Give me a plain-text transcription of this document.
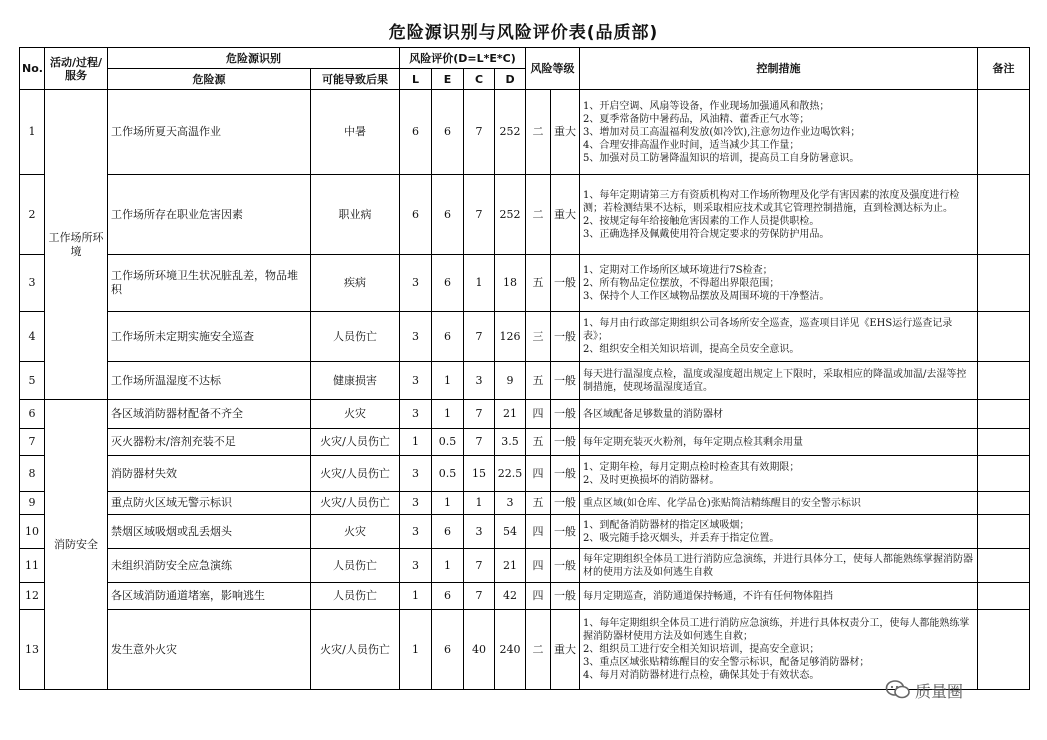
危险源识别与风险评价表(品质部)
No.	活动/过程/服务	危险源识别		风险评价(D=L*E*C)				风险等级		控制措施	备注
		危险源	可能导致后果	L	E	C	D				
1	工作场所环境	工作场所夏天高温作业	中暑	6	6	7	252	二	重大	1、开启空调、风扇等设备，作业现场加强通风和散热；
2、夏季常备防中暑药品，风油精、藿香正气水等；
3、增加对员工高温福利发放(如冷饮),注意勿边作业边喝饮料；
4、合理安排高温作业时间，适当减少其工作量；
5、加强对员工防暑降温知识的培训，提高员工自身防暑意识。	

2		工作场所存在职业危害因素	职业病	6	6	7	252	二	重大	1、每年定期请第三方有资质机构对工作场所物理及化学有害因素的浓度及强度进行检测；若检测结果不达标，则采取相应技术或其它管理控制措施，直到检测达标为止。
2、按规定每年给接触危害因素的工作人员提供职检。
3、正确选择及佩戴使用符合规定要求的劳保防护用品。	

3		工作场所环境卫生状况脏乱差，物品堆积	疾病	3	6	1	18	五	一般	1、定期对工作场所区域环境进行7S检查；
2、所有物品定位摆放，不得超出界限范围；
3、保持个人工作区域物品摆放及周围环境的干净整洁。	

4		工作场所未定期实施安全巡查	人员伤亡	3	6	7	126	三	一般	1、每月由行政部定期组织公司各场所安全巡查，巡查项目详见《EHS运行巡查记录表》；
2、组织安全相关知识培训，提高全员安全意识。	

5		工作场所温湿度不达标	健康损害	3	1	3	9	五	一般	每天进行温湿度点检，温度或湿度超出规定上下限时，采取相应的降温或加温/去湿等控制措施，使现场温湿度适宜。	

6	消防安全	各区域消防器材配备不齐全	火灾	3	1	7	21	四	一般	各区域配备足够数量的消防器材	

7		灭火器粉末/溶剂充装不足	火灾/人员伤亡	1	0.5	7	3.5	五	一般	每年定期充装灭火粉剂，每年定期点检其剩余用量	

8		消防器材失效	火灾/人员伤亡	3	0.5	15	22.5	四	一般	1、定期年检，每月定期点检时检查其有效期限；
2、及时更换损坏的消防器材。	

9		重点防火区域无警示标识	火灾/人员伤亡	3	1	1	3	五	一般	重点区域(如仓库、化学品仓)张贴简洁精练醒目的安全警示标识	

10		禁烟区域吸烟或乱丢烟头	火灾	3	6	3	54	四	一般	1、到配备消防器材的指定区域吸烟；
2、吸完随手捻灭烟头，并丢弃于指定位置。	

11		未组织消防安全应急演练	人员伤亡	3	1	7	21	四	一般	每年定期组织全体员工进行消防应急演练，并进行具体分工，使每人都能熟练掌握消防器材的使用方法及如何逃生自救	

12		各区域消防通道堵塞，影响逃生	人员伤亡	1	6	7	42	四	一般	每月定期巡查，消防通道保持畅通，不许有任何物体阻挡	

13		发生意外火灾	火灾/人员伤亡	1	6	40	240	二	重大	1、每年定期组织全体员工进行消防应急演练，并进行具体权责分工，使每人都能熟练掌握消防器材使用方法及如何逃生自救；
2、组织员工进行安全相关知识培训，提高安全意识；
3、重点区域张贴精练醒目的安全警示标识，配备足够消防器材；
4、每月对消防器材进行点检，确保其处于有效状态。	

质量圈
